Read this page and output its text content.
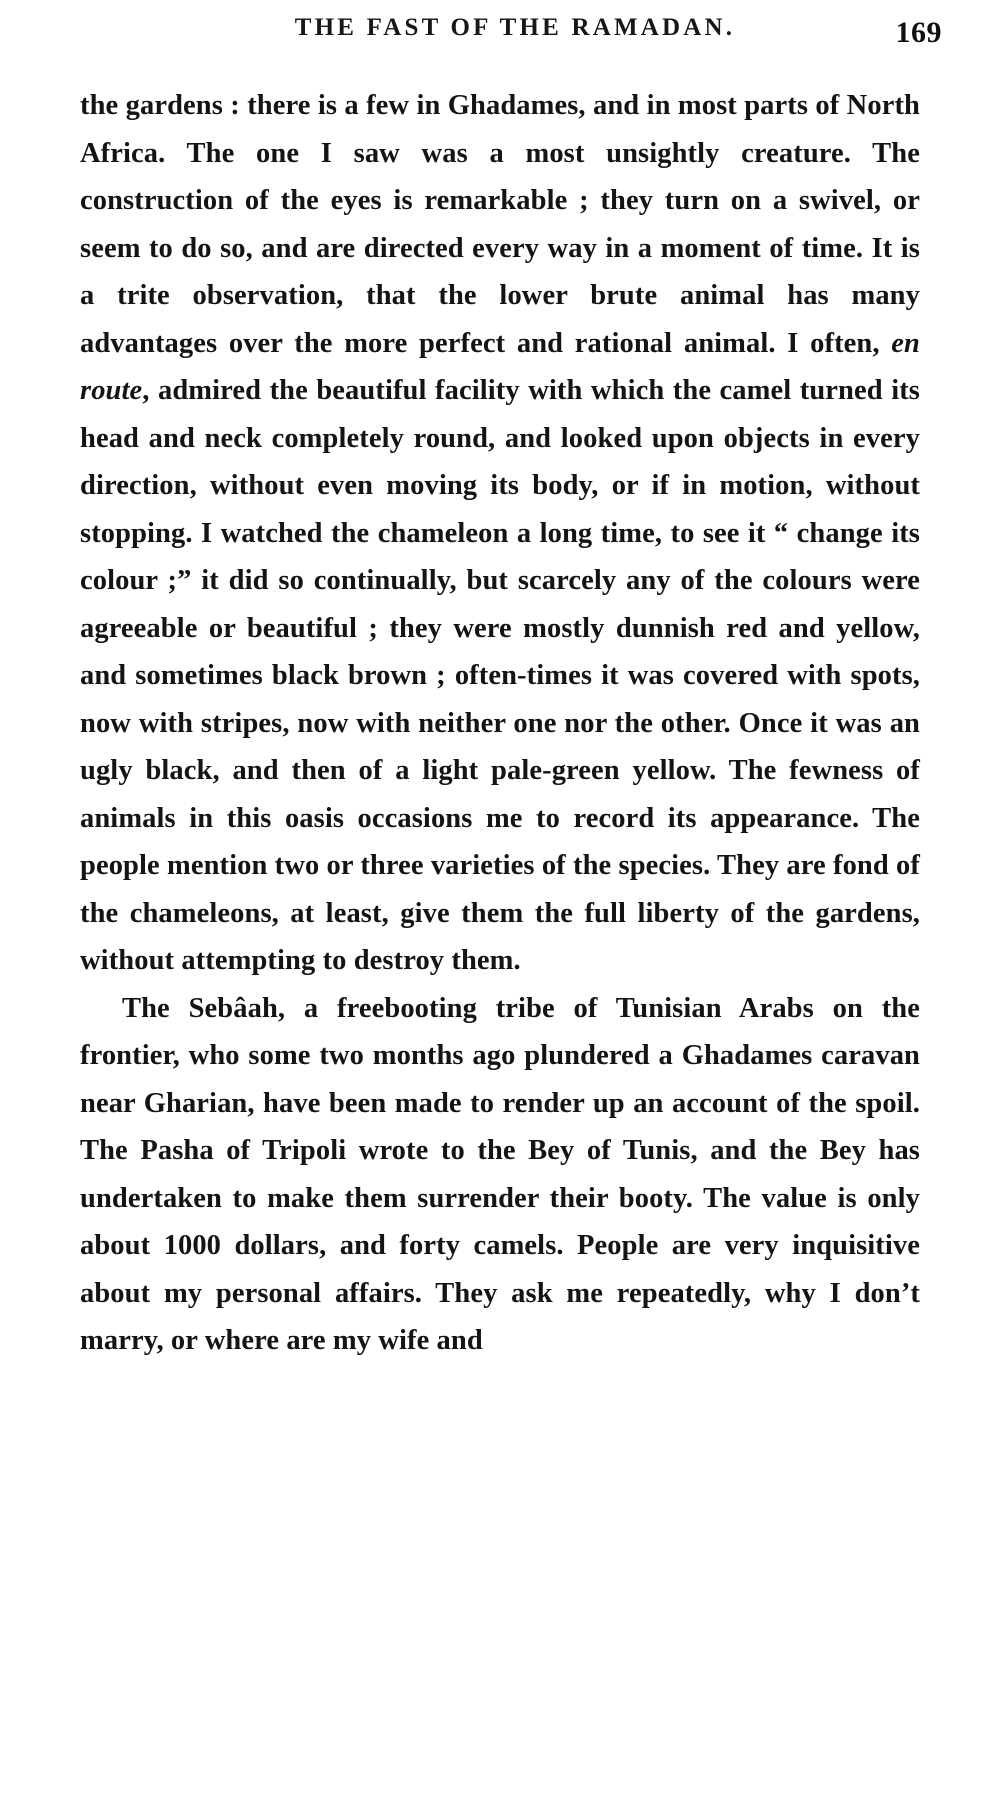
THE FAST OF THE RAMADAN.	169

the gardens : there is a few in Ghadames, and in most parts of North Africa. The one I saw was a most unsightly creature. The construction of the eyes is remarkable ; they turn on a swivel, or seem to do so, and are directed every way in a moment of time. It is a trite observation, that the lower brute animal has many advantages over the more perfect and rational animal. I often, en route, admired the beautiful facility with which the camel turned its head and neck completely round, and looked upon objects in every direction, without even moving its body, or if in motion, without stopping. I watched the chameleon a long time, to see it “ change its colour ;” it did so continually, but scarcely any of the colours were agreeable or beautiful ; they were mostly dunnish red and yellow, and sometimes black brown ; often-times it was covered with spots, now with stripes, now with neither one nor the other. Once it was an ugly black, and then of a light pale-green yellow. The fewness of animals in this oasis occasions me to record its appearance. The people mention two or three varieties of the species. They are fond of the chameleons, at least, give them the full liberty of the gardens, without attempting to destroy them.

The Sebâah, a freebooting tribe of Tunisian Arabs on the frontier, who some two months ago plundered a Ghadames caravan near Gharian, have been made to render up an account of the spoil. The Pasha of Tripoli wrote to the Bey of Tunis, and the Bey has undertaken to make them surrender their booty. The value is only about 1000 dollars, and forty camels. People are very inquisitive about my personal affairs. They ask me repeatedly, why I don’t marry, or where are my wife and
